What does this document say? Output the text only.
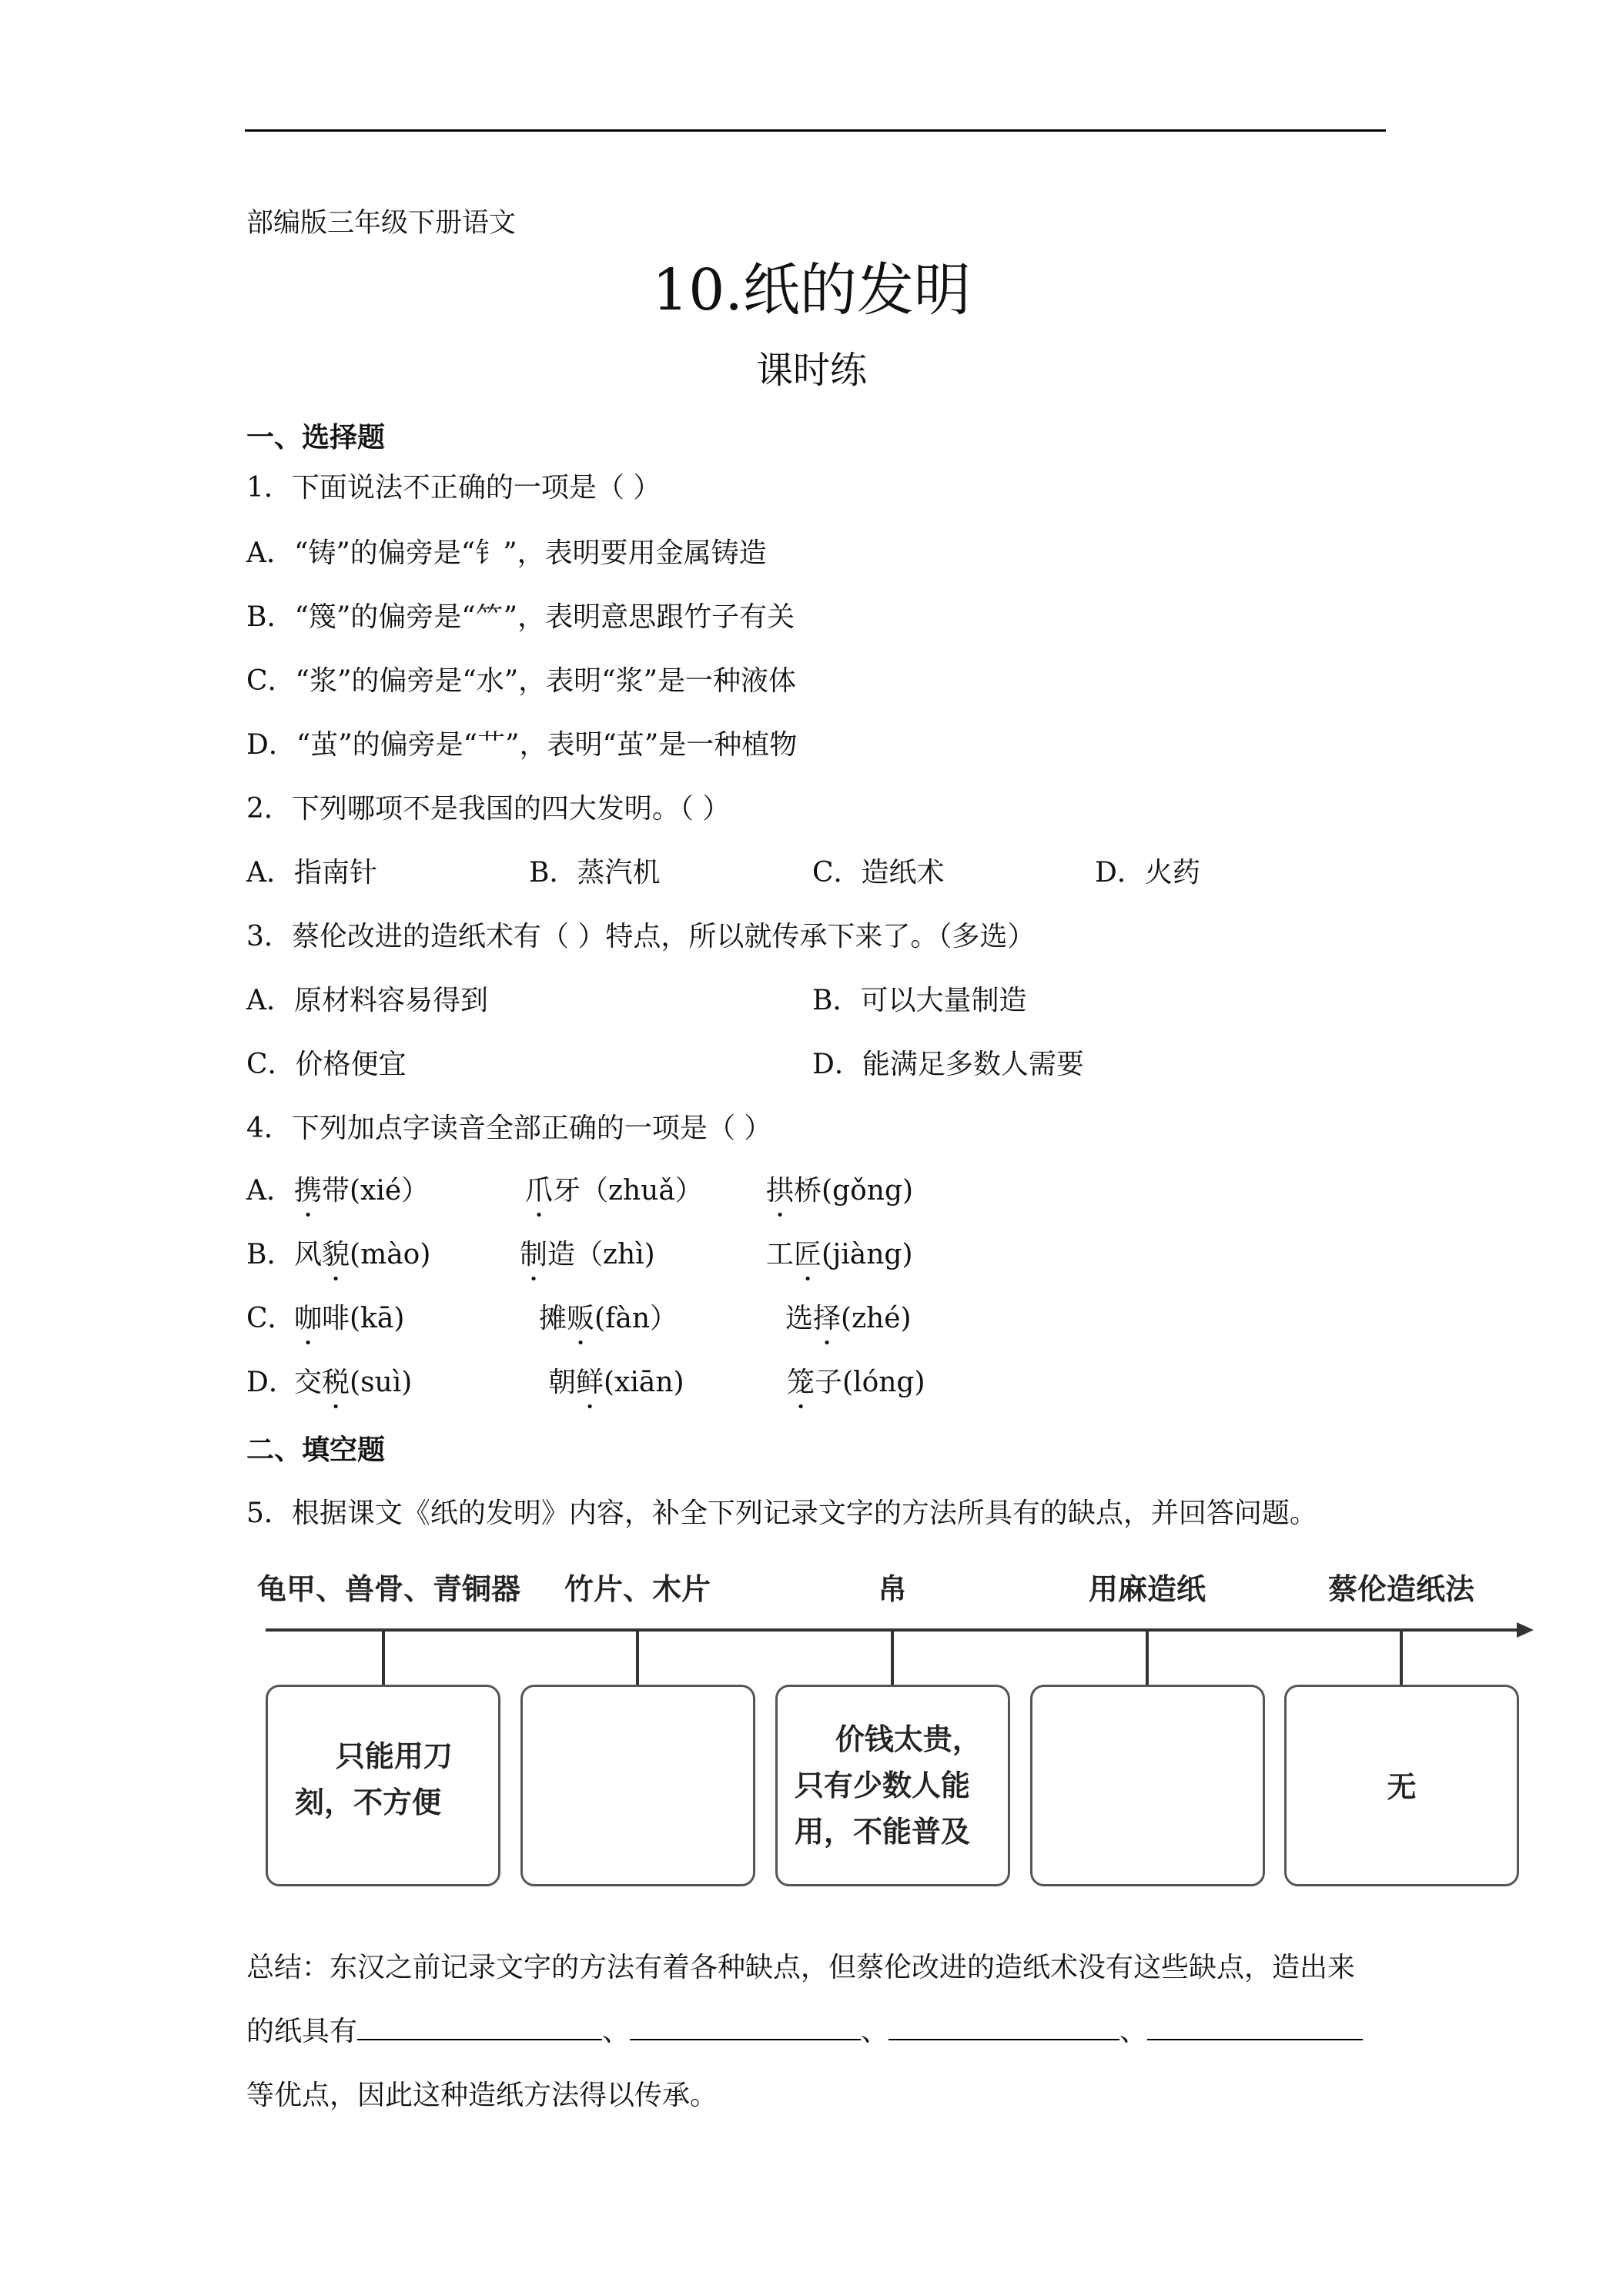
部编版三年级下册语文
10.纸的发明
课时练
一、选择题
1．下面说法不正确的一项是（ ）
A．“铸”的偏旁是“钅”，表明要用金属铸造
B．“篾”的偏旁是“⺮”，表明意思跟竹子有关
C．“浆”的偏旁是“水”，表明“浆”是一种液体
D．“茧”的偏旁是“艹”，表明“茧”是一种植物
2．下列哪项不是我国的四大发明。（ ）
A．指南针	B．蒸汽机	C．造纸术	D．火药
3．蔡伦改进的造纸术有（ ）特点，所以就传承下来了。（多选）
A．原材料容易得到	B．可以大量制造
C．价格便宜	D．能满足多数人需要
4．下列加点字读音全部正确的一项是（ ）
A． 携带(xié）	爪牙（zhuǎ） 拱桥(gǒng)
B． 风貌(mào)	制造（zhì)	工匠(jiàng)
C．
咖啡(kā)	摊贩(fàn）	选择(zhé)
D．
交税(suì)	朝鲜(xiān)	笼子(lóng)
二、填空题
5．根据课文《纸的发明》内容，补全下列记录文字的方法所具有的缺点，并回答问题。
龟甲、兽骨、青铜器 竹片、木片	帛	用麻造纸	蔡伦造纸法
只能用刀
刻，不方便
价钱太贵，
只有少数人能
用，不能普及
无
总结：东汉之前记录文字的方法有着各种缺点，但蔡伦改进的造纸术没有这些缺点，造出来
的纸具有	、	、	、
等优点，因此这种造纸方法得以传承。
